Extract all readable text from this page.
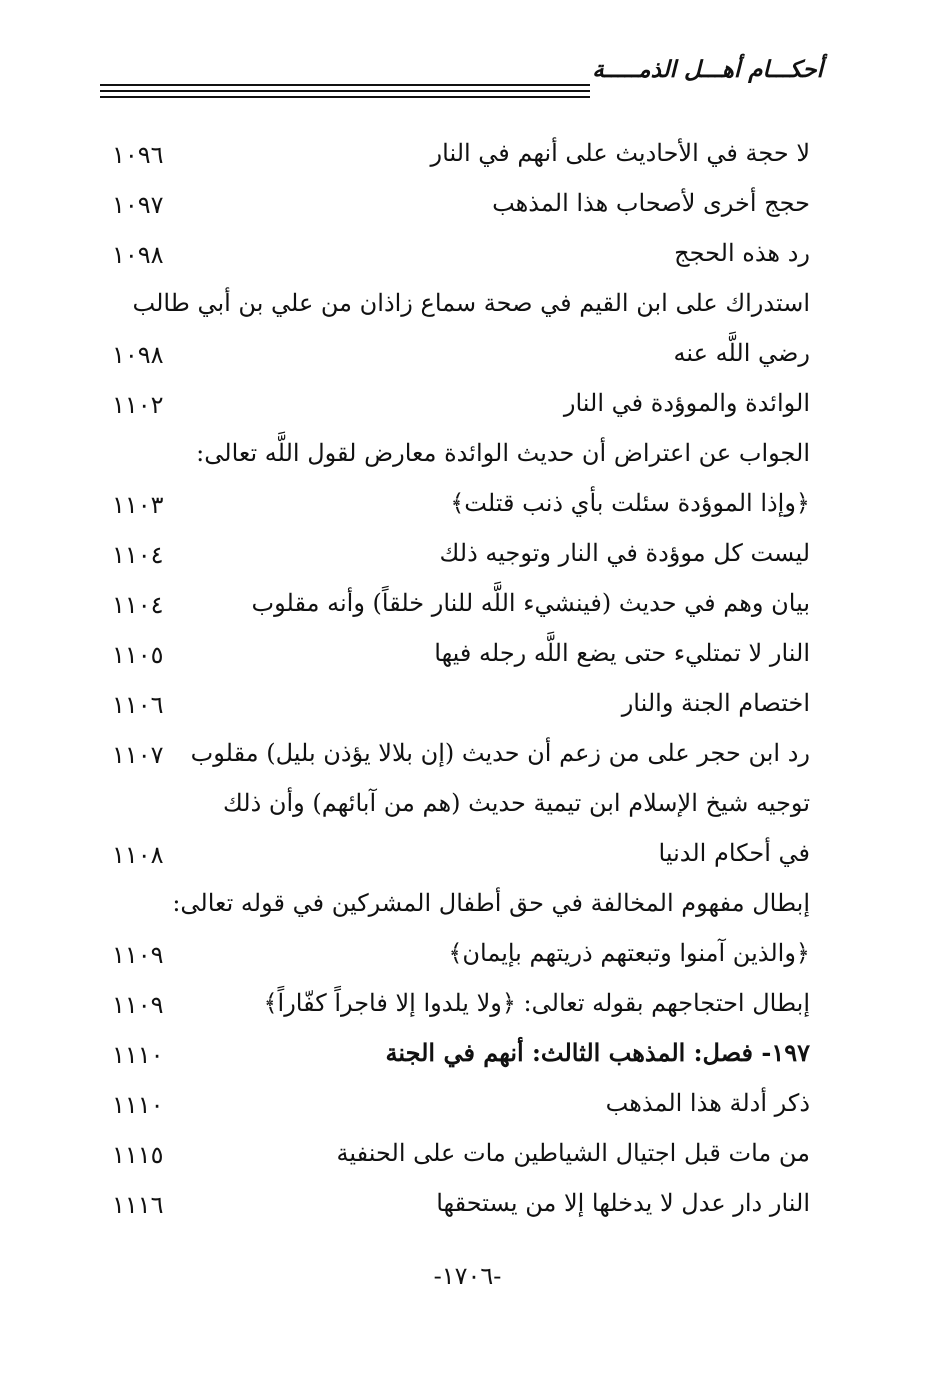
أحكـــام أهـــل الذمـــــة
لا حجة في الأحاديث على أنهم في النار
١٠٩٦
حجج أخرى لأصحاب هذا المذهب
١٠٩٧
رد هذه الحجج
١٠٩٨
استدراك على ابن القيم في صحة سماع زاذان من علي بن أبي طالب
رضي اللَّه عنه
١٠٩٨
الوائدة والموؤدة في النار
١١٠٢
الجواب عن اعتراض أن حديث الوائدة معارض لقول اللَّه تعالى:
﴿وإذا الموؤدة سئلت بأي ذنب قتلت﴾
١١٠٣
ليست كل موؤدة في النار وتوجيه ذلك
١١٠٤
بيان وهم في حديث (فينشيء اللَّه للنار خلقاً) وأنه مقلوب
١١٠٤
النار لا تمتليء حتى يضع اللَّه رجله فيها
١١٠٥
اختصام الجنة والنار
١١٠٦
رد ابن حجر على من زعم أن حديث (إن بلالا يؤذن بليل) مقلوب
١١٠٧
توجيه شيخ الإسلام ابن تيمية حديث (هم من آبائهم) وأن ذلك
في أحكام الدنيا
١١٠٨
إبطال مفهوم المخالفة في حق أطفال المشركين في قوله تعالى:
﴿والذين آمنوا وتبعتهم ذريتهم بإيمان﴾
١١٠٩
إبطال احتجاجهم بقوله تعالى: ﴿ولا يلدوا إلا فاجراً كفّاراً﴾
١١٠٩
١٩٧- فصل: المذهب الثالث: أنهم في الجنة
١١١٠
ذكر أدلة هذا المذهب
١١١٠
من مات قبل اجتيال الشياطين مات على الحنفية
١١١٥
النار دار عدل لا يدخلها إلا من يستحقها
١١١٦
-١٧٠٦-
